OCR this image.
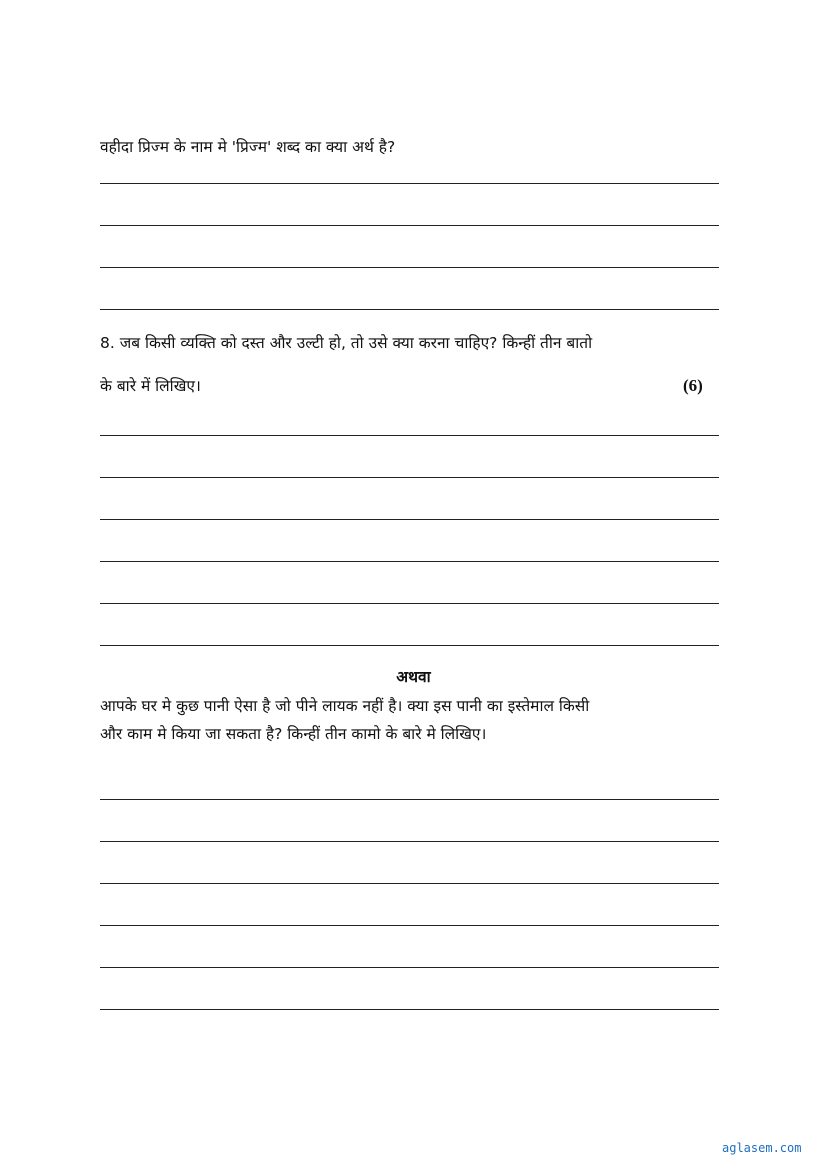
वहीदा प्रिज्म के नाम मे 'प्रिज्म' शब्द का क्या अर्थ है?

8. जब किसी व्यक्ति को दस्त और उल्टी हो, तो उसे क्या करना चाहिए? किन्हीं तीन बातो

के बारे में लिखिए।	(6)

अथवा

आपके घर मे कुछ पानी ऐसा है जो पीने लायक नहीं है। क्या इस पानी का इस्तेमाल किसी

और काम मे किया जा सकता है? किन्हीं तीन कामो के बारे मे लिखिए।

aglasem.com
